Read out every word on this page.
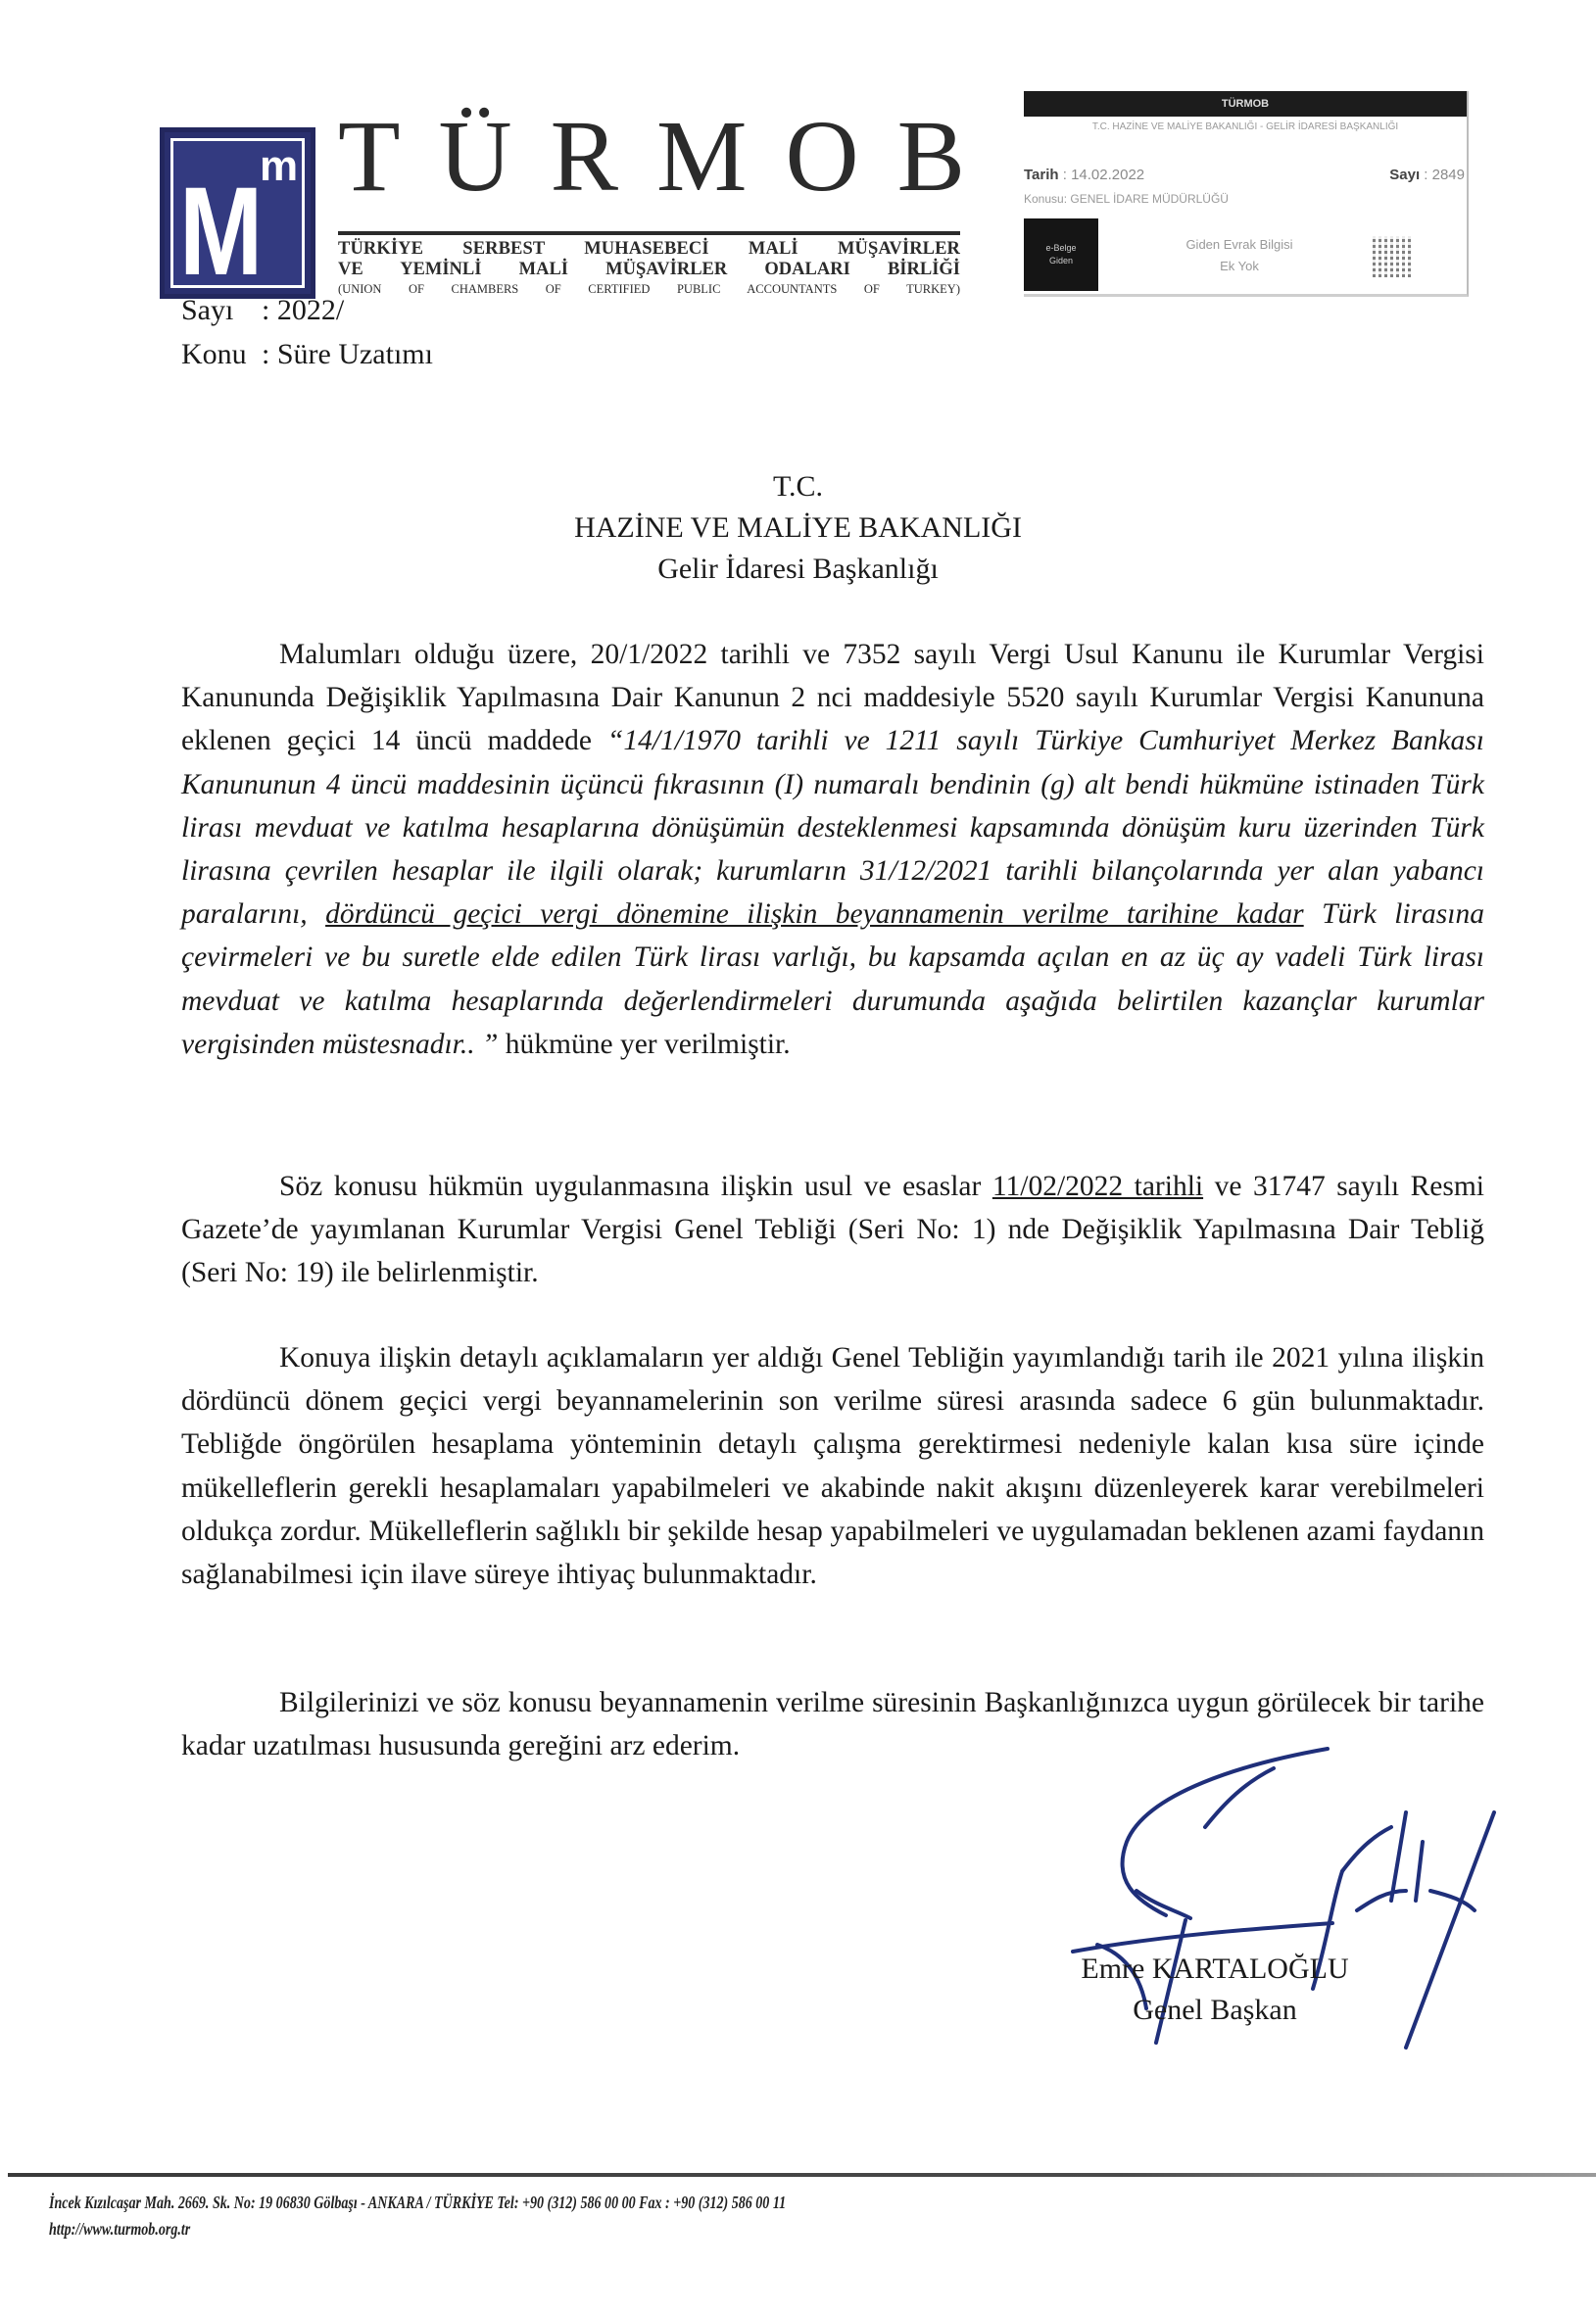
m
M
T Ü R M O B
TÜRKİYE SERBEST MUHASEBECİ MALİ MÜŞAVİRLER
VE YEMİNLİ MALİ MÜŞAVİRLER ODALARI BİRLİĞİ
(UNION OF CHAMBERS OF CERTIFIED PUBLIC ACCOUNTANTS OF TURKEY)
TÜRMOB
T.C. HAZİNE VE MALİYE BAKANLIĞI - GELİR İDARESİ BAŞKANLIĞI
Tarih : 14.02.2022	Sayı : 2849
Konusu: GENEL İDARE MÜDÜRLÜĞÜ
e-Belge
Giden
Giden Evrak Bilgisi
Ek Yok
Sayı : 2022/
Konu : Süre Uzatımı
T.C.
HAZİNE VE MALİYE BAKANLIĞI
Gelir İdaresi Başkanlığı

Malumları olduğu üzere, 20/1/2022 tarihli ve 7352 sayılı Vergi Usul Kanunu ile Kurumlar Vergisi Kanununda Değişiklik Yapılmasına Dair Kanunun 2 nci maddesiyle 5520 sayılı Kurumlar Vergisi Kanununa eklenen geçici 14 üncü maddede “14/1/1970 tarihli ve 1211 sayılı Türkiye Cumhuriyet Merkez Bankası Kanununun 4 üncü maddesinin üçüncü fıkrasının (I) numaralı bendinin (g) alt bendi hükmüne istinaden Türk lirası mevduat ve katılma hesaplarına dönüşümün desteklenmesi kapsamında dönüşüm kuru üzerinden Türk lirasına çevrilen hesaplar ile ilgili olarak; kurumların 31/12/2021 tarihli bilançolarında yer alan yabancı paralarını, dördüncü geçici vergi dönemine ilişkin beyannamenin verilme tarihine kadar Türk lirasına çevirmeleri ve bu suretle elde edilen Türk lirası varlığı, bu kapsamda açılan en az üç ay vadeli Türk lirası mevduat ve katılma hesaplarında değerlendirmeleri durumunda aşağıda belirtilen kazançlar kurumlar vergisinden müstesnadır.. ” hükmüne yer verilmiştir.

Söz konusu hükmün uygulanmasına ilişkin usul ve esaslar 11/02/2022 tarihli ve 31747 sayılı Resmi Gazete’de yayımlanan Kurumlar Vergisi Genel Tebliği (Seri No: 1) nde Değişiklik Yapılmasına Dair Tebliğ (Seri No: 19) ile belirlenmiştir.

Konuya ilişkin detaylı açıklamaların yer aldığı Genel Tebliğin yayımlandığı tarih ile 2021 yılına ilişkin dördüncü dönem geçici vergi beyannamelerinin son verilme süresi arasında sadece 6 gün bulunmaktadır. Tebliğde öngörülen hesaplama yönteminin detaylı çalışma gerektirmesi nedeniyle kalan kısa süre içinde mükelleflerin gerekli hesaplamaları yapabilmeleri ve akabinde nakit akışını düzenleyerek karar verebilmeleri oldukça zordur. Mükelleflerin sağlıklı bir şekilde hesap yapabilmeleri ve uygulamadan beklenen azami faydanın sağlanabilmesi için ilave süreye ihtiyaç bulunmaktadır.

Bilgilerinizi ve söz konusu beyannamenin verilme süresinin Başkanlığınızca uygun görülecek bir tarihe kadar uzatılması hususunda gereğini arz ederim.

Emre KARTALOĞLU
Genel Başkan
İncek Kızılcaşar Mah. 2669. Sk. No: 19 06830 Gölbaşı - ANKARA / TÜRKİYE Tel: +90 (312) 586 00 00 Fax : +90 (312) 586 00 11
http://www.turmob.org.tr
